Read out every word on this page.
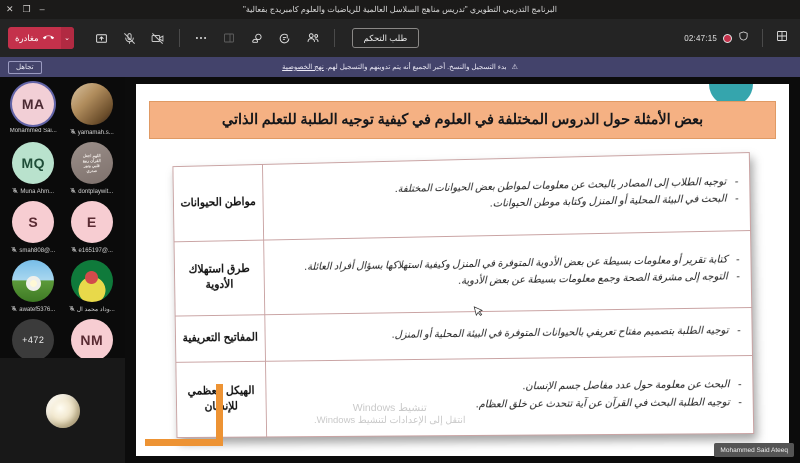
✕ ❐ –	البرنامج التدريبي التطويري "تدريس مناهج السلاسل العالمية للرياضيات والعلوم كامبريدج بفعالية"
مغادرة	⌄	طلب التحكم	02:47:15
تجاهل	⚠ بدء التسجيل والنسخ. أخبر الجميع أنه يتم تدوينهم والتسجيل لهم. نهج الخصوصية
MA
Mohammed Sai...	yamamah.s...
MQ
Muna Ahm...
اللهم اجعل
القرآن ربيع
قلبي ونور
صدري
dontplaywit...
S
smah808@...
E
e165197@...
awatef5376...	وداد محمد ال...
+472	NM
بعض الأمثلة حول الدروس المختلفة في العلوم في كيفية توجيه الطلبة للتعلم الذاتي
- توجيه الطلاب إلى المصادر بالبحث عن معلومات لمواطن بعض الحيوانات المختلفة.
- البحث في البيئة المحلية أو المنزل وكتابة موطن الحيوانات.
	مواطن الحيوانات

- كتابة تقرير أو معلومات بسيطة عن بعض الأدوية المتوفرة في المنزل وكيفية استهلاكها بسؤال أفراد العائلة.
- التوجه إلى مشرفة الصحة وجمع معلومات بسيطة عن بعض الأدوية.
	طرق استهلاك الأدوية

- توجيه الطلبة بتصميم مفتاح تعريفي بالحيوانات المتوفرة في البيئة المحلية أو المنزل.
	المفاتيح التعريفية

- البحث عن معلومة حول عدد مفاصل جسم الإنسان.
- توجيه الطلبة البحث في القرآن عن آية تتحدث عن خلق العظام.
	الهيكل العظمي للإنسان	تنشيط Windows
انتقل إلى الإعدادات لتنشيط Windows.
Mohammed Said Ateeq
